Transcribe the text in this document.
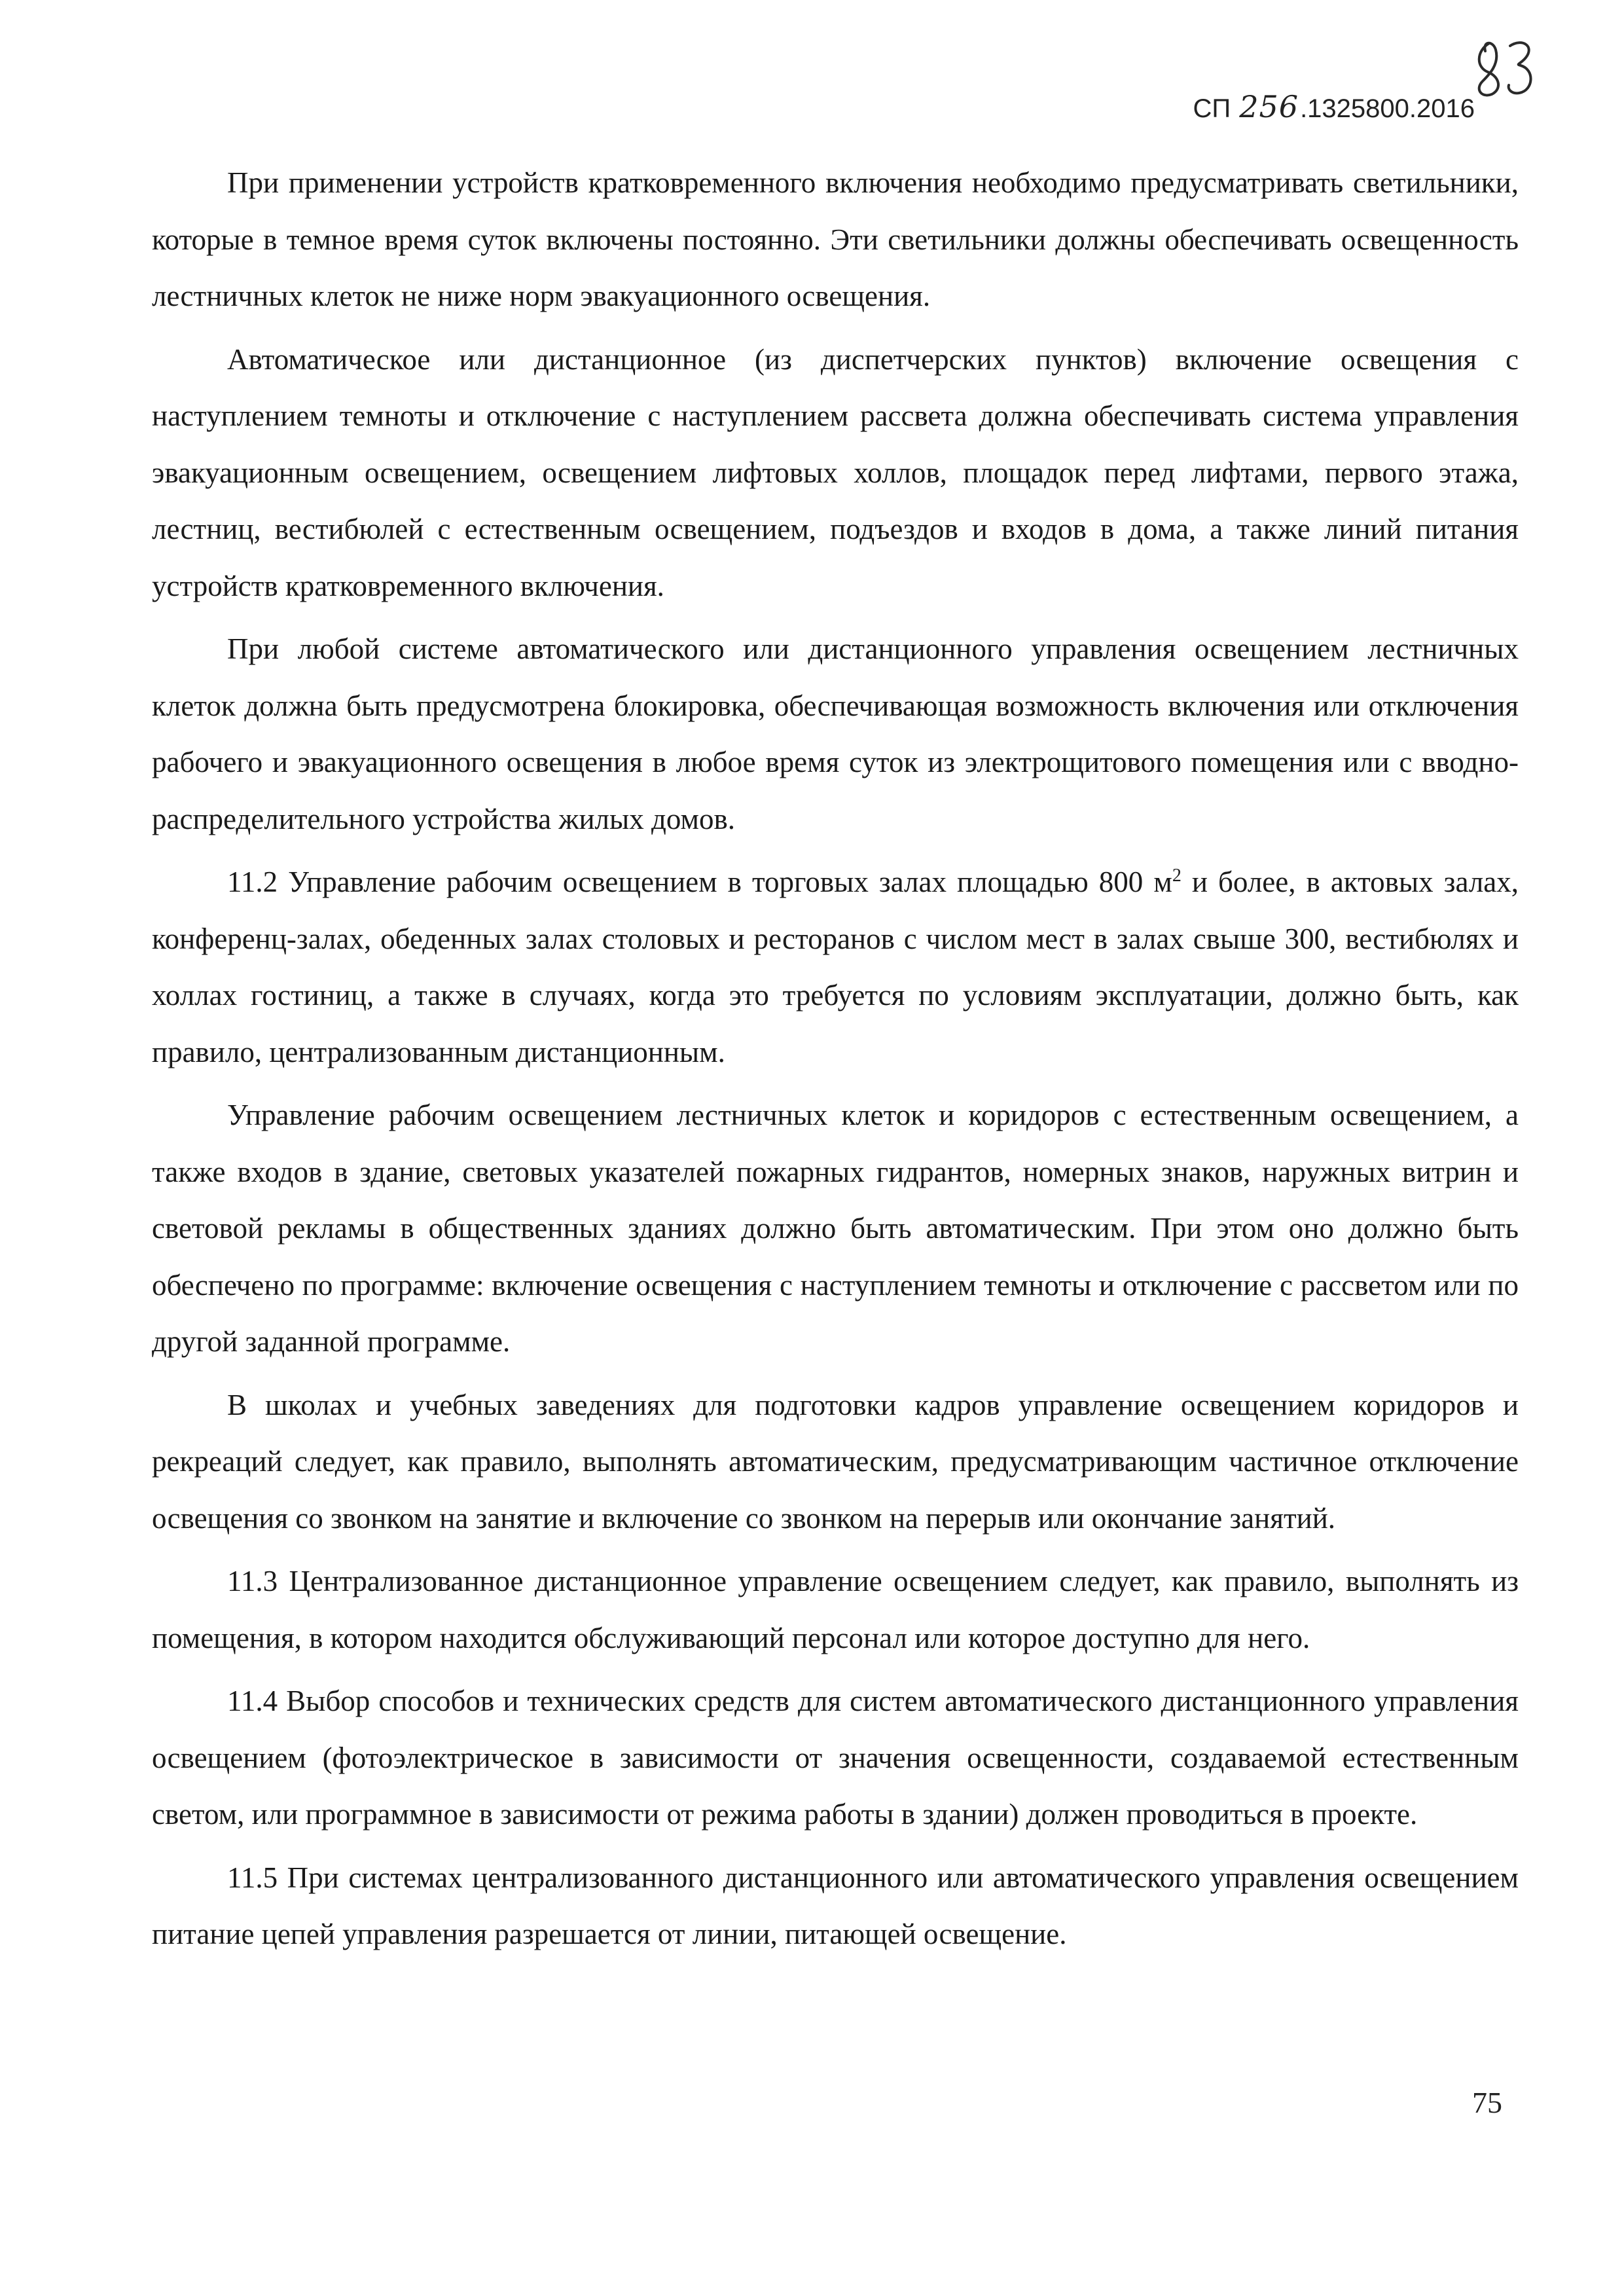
СП 256.1325800.2016

При применении устройств кратковременного включения необходимо предусматривать светильники, которые в темное время суток включены постоянно. Эти светильники должны обеспечивать освещенность лестничных клеток не ниже норм эвакуационного освещения.

Автоматическое или дистанционное (из диспетчерских пунктов) включение освещения с наступлением темноты и отключение с наступлением рассвета должна обеспечивать система управления эвакуационным освещением, освещением лифтовых холлов, площадок перед лифтами, первого этажа, лестниц, вестибюлей с естественным освещением, подъездов и входов в дома, а также линий питания устройств кратковременного включения.

При любой системе автоматического или дистанционного управления освещением лестничных клеток должна быть предусмотрена блокировка, обеспечивающая возможность включения или отключения рабочего и эвакуационного освещения в любое время суток из электрощитового помещения или с вводно-распределительного устройства жилых домов.

11.2 Управление рабочим освещением в торговых залах площадью 800 $м^2$ и более, в актовых залах, конференц-залах, обеденных залах столовых и ресторанов с числом мест в залах свыше 300, вестибюлях и холлах гостиниц, а также в случаях, когда это требуется по условиям эксплуатации, должно быть, как правило, централизованным дистанционным.

Управление рабочим освещением лестничных клеток и коридоров с естественным освещением, а также входов в здание, световых указателей пожарных гидрантов, номерных знаков, наружных витрин и световой рекламы в общественных зданиях должно быть автоматическим. При этом оно должно быть обеспечено по программе: включение освещения с наступлением темноты и отключение с рассветом или по другой заданной программе.

В школах и учебных заведениях для подготовки кадров управление освещением коридоров и рекреаций следует, как правило, выполнять автоматическим, предусматривающим частичное отключение освещения со звонком на занятие и включение со звонком на перерыв или окончание занятий.

11.3 Централизованное дистанционное управление освещением следует, как правило, выполнять из помещения, в котором находится обслуживающий персонал или которое доступно для него.

11.4 Выбор способов и технических средств для систем автоматического дистанционного управления освещением (фотоэлектрическое в зависимости от значения освещенности, создаваемой естественным светом, или программное в зависимости от режима работы в здании) должен проводиться в проекте.

11.5 При системах централизованного дистанционного или автоматического управления освещением питание цепей управления разрешается от линии, питающей освещение.

75
